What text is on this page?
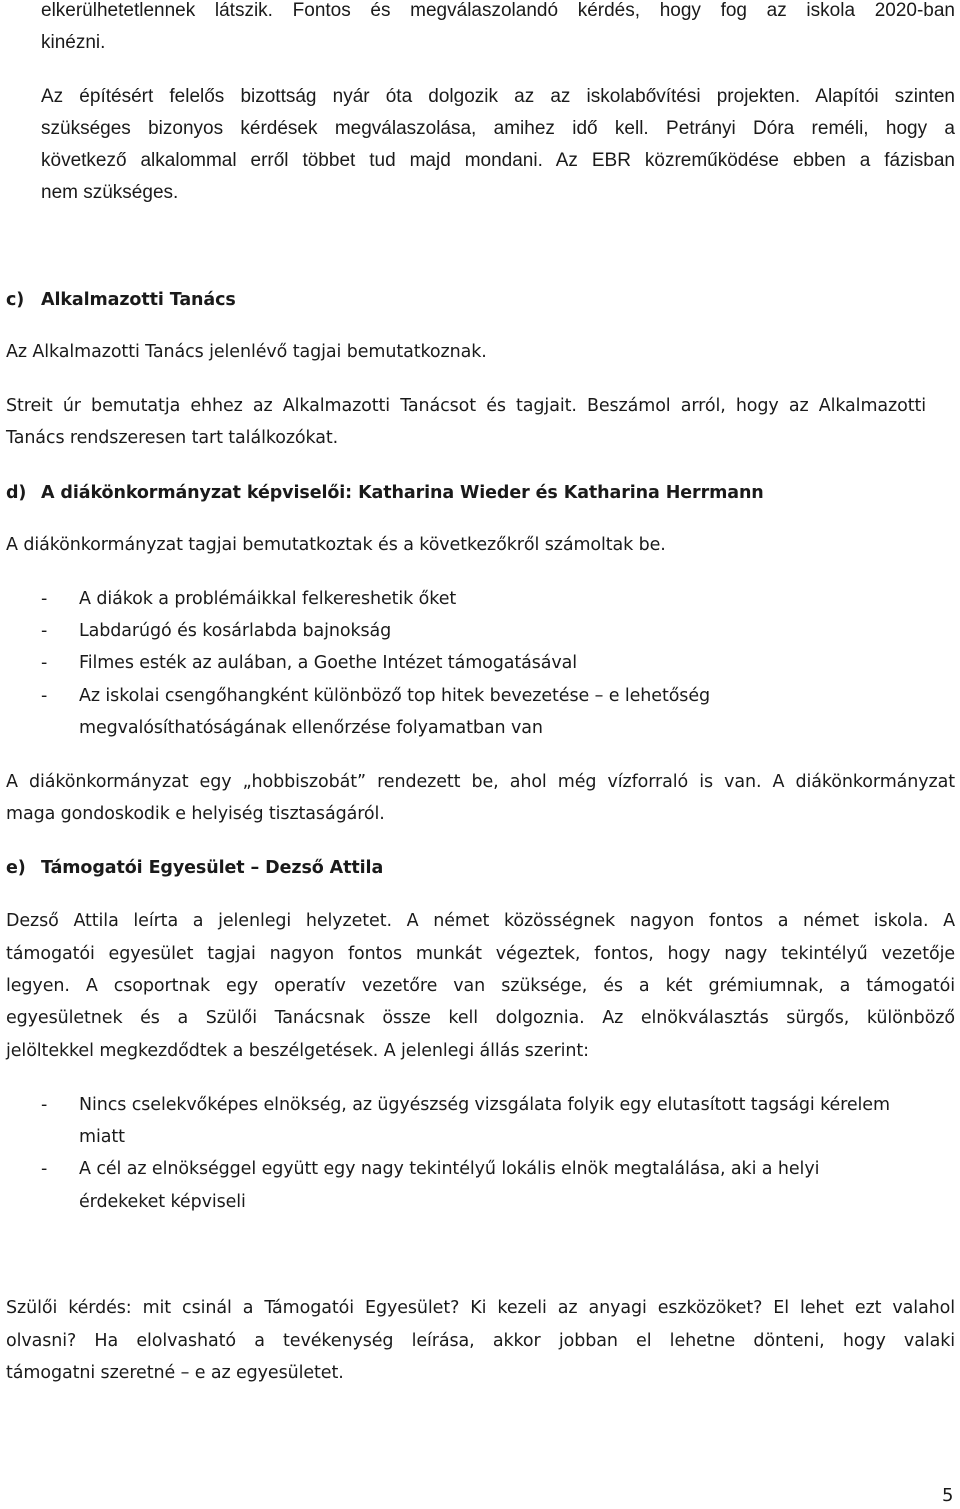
elkerülhetetlennek látszik. Fontos és megválaszolandó kérdés, hogy fog az iskola 2020-ban
kinézni.
Az építésért felelős bizottság nyár óta dolgozik az az iskolabővítési projekten. Alapítói szinten
szükséges bizonyos kérdések megválaszolása, amihez idő kell. Petrányi Dóra reméli, hogy a
következő alkalommal erről többet tud majd mondani. Az EBR közreműködése ebben a fázisban
nem szükséges.
c) Alkalmazotti Tanács
Az Alkalmazotti Tanács jelenlévő tagjai bemutatkoznak.
Streit úr bemutatja ehhez az Alkalmazotti Tanácsot és tagjait. Beszámol arról, hogy az Alkalmazotti
Tanács rendszeresen tart találkozókat.
d) A diákönkormányzat képviselői: Katharina Wieder és Katharina Herrmann
A diákönkormányzat tagjai bemutatkoztak és a következőkről számoltak be.
- A diákok a problémáikkal felkereshetik őket
- Labdarúgó és kosárlabda bajnokság
- Filmes esték az aulában, a Goethe Intézet támogatásával
- Az iskolai csengőhangként különböző top hitek bevezetése – e lehetőség
megvalósíthatóságának ellenőrzése folyamatban van
A diákönkormányzat egy „hobbiszobát” rendezett be, ahol még vízforraló is van. A diákönkormányzat
maga gondoskodik e helyiség tisztaságáról.
e) Támogatói Egyesület – Dezső Attila
Dezső Attila leírta a jelenlegi helyzetet. A német közösségnek nagyon fontos a német iskola. A
támogatói egyesület tagjai nagyon fontos munkát végeztek, fontos, hogy nagy tekintélyű vezetője
legyen. A csoportnak egy operatív vezetőre van szüksége, és a két grémiumnak, a támogatói
egyesületnek és a Szülői Tanácsnak össze kell dolgoznia. Az elnökválasztás sürgős, különböző
jelöltekkel megkezdődtek a beszélgetések. A jelenlegi állás szerint:
- Nincs cselekvőképes elnökség, az ügyészség vizsgálata folyik egy elutasított tagsági kérelem
miatt
- A cél az elnökséggel együtt egy nagy tekintélyű lokális elnök megtalálása, aki a helyi
érdekeket képviseli
Szülői kérdés: mit csinál a Támogatói Egyesület? Ki kezeli az anyagi eszközöket? El lehet ezt valahol
olvasni? Ha elolvasható a tevékenység leírása, akkor jobban el lehetne dönteni, hogy valaki
támogatni szeretné – e az egyesületet.
5
